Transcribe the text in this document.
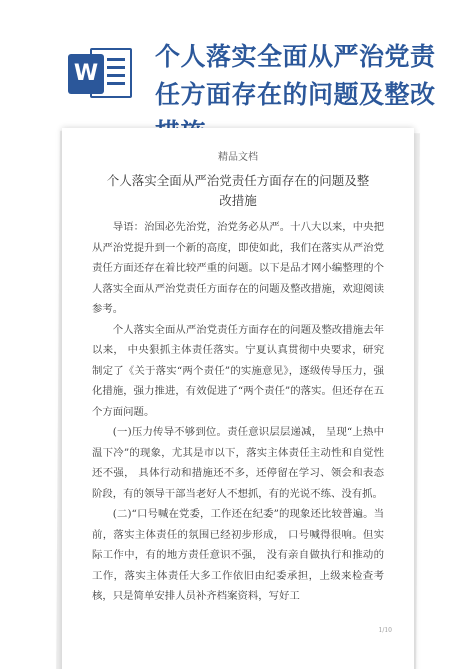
W
个人落实全面从严治党责任方面存在的问题及整改
精品文档
个人落实全面从严治党责任方面存在的问题及整改措施

导语：治国必先治党，治党务必从严。十八大以来，中央把从严治党提升到一个新的高度，即使如此，我们在落实从严治党责任方面还存在着比较严重的问题。以下是品才网小编整理的个人落实全面从严治党责任方面存在的问题及整改措施，欢迎阅读参考。

个人落实全面从严治党责任方面存在的问题及整改措施去年以来， 中央狠抓主体责任落实。宁夏认真贯彻中央要求，研究制定了《关于落实“两个责任”的实施意见》，逐级传导压力，强化措施，强力推进，有效促进了“两个责任”的落实。但还存在五个方面问题。

(一)压力传导不够到位。责任意识层层递减， 呈现“上热中温下冷”的现象，尤其是市以下，落实主体责任主动性和自觉性还不强， 具体行动和措施还不多，还停留在学习、领会和表态阶段，有的领导干部当老好人不想抓，有的光说不练、没有抓。

(二)“口号喊在党委，工作还在纪委”的现象还比较普遍。当前，落实主体责任的氛围已经初步形成， 口号喊得很响。但实际工作中，有的地方责任意识不强， 没有亲自做执行和推动的工作，落实主体责任大多工作依旧由纪委承担，上级来检查考核，只是简单安排人员补齐档案资料，写好工

1/10
